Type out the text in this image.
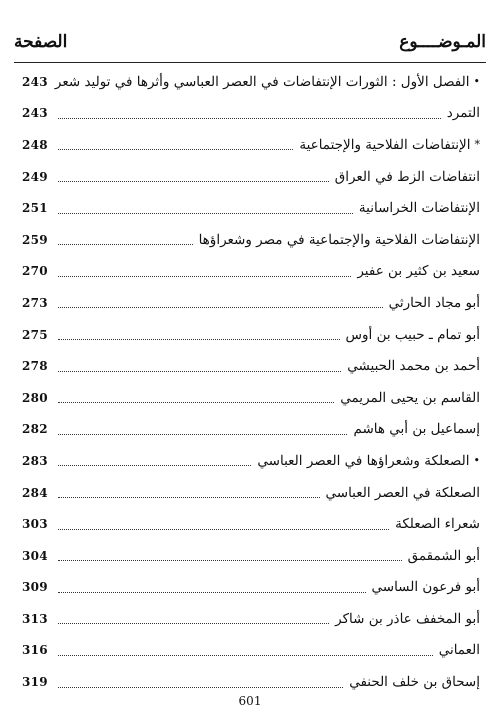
المـوضــــوع
الصفحة
•
الفصل الأول : الثورات الإنتفاضات في العصر العباسي وأثرها في توليد شعر
243
التمرد
243
*
الإنتفاضات الفلاحية والإجتماعية
248
انتفاضات الزط في العراق
249
الإنتفاضات الخراسانية
251
الإنتفاضات الفلاحية والإجتماعية في مصر وشعراؤها
259
سعيد بن كثير بن عفير
270
أبو مجاد الحارثي
273
أبو تمام ـ حبيب بن أوس
275
أحمد بن محمد الحبيشي
278
القاسم بن يحيى المريمي
280
إسماعيل بن أبي هاشم
282
•
الصعلكة وشعراؤها في العصر العباسي
283
الصعلكة في العصر العباسي
284
شعراء الصعلكة
303
أبو الشمقمق
304
أبو فرعون الساسي
309
أبو المخفف عاذر بن شاكر
313
العماني
316
إسحاق بن خلف الحنفي
319
601
